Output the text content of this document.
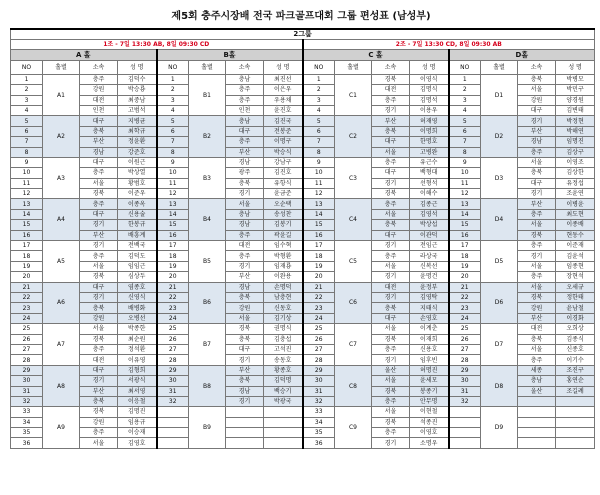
제5회 충주시장배 전국 파크골프대회 그룹 편성표 (남성부)
2그룹															
1조 - 7일 13:30 AB, 8일 09:30 CD								2조 - 7일 13:30 CD, 8일 09:30 AB							
A 홀				B홀				C 홀				D홀			
NO	홀별	소속	성 명	NO	홀별	소속	성 명	NO	홀별	소속	성 명	NO	홀별	소속	성 명
1	A1	충주	김덕수	1	B1	충남	최진선	1	C1	경북	이영식	1	D1	충북	박병모
2		강원	박승룡	2		충주	이은우	2		대전	김명식	2		서울	박민구
3		대전	최중남	3		충주	우용채	3		충주	김명석	3		강원	양경원
4		인천	고범석	4		인천	윤진호	4		경기	이용우	4		대구	김변태
5	A2	대구	지병균	5	B2	충남	김진국	5	C2	부산	허재영	5	D2	경기	박정현
6		충북	최학규	6		대구	전봉준	6		충북	이명희	6		부산	박해연
7		부산	정윤환	7		충주	이명구	7		대구	한명호	7		경남	임명진
8		경남	강준호	8		부산	박승식	8		서울	고병완	8		충주	김상구
9	A3	대구	이원근	9	B3	경남	강남구	9	C3	충주	유근수	9	D3	서울	이영조
10		충주	박상열	10		광주	김진호	10		대구	백형대	10		충북	김상한
11		서울	황범호	11		충북	유항식	11		경기	선형석	11		대구	유정섭
12		경북	이준우	12		경기	윤금준	12		경북	이해수	12		경기	조윤연
13	A4	충주	이종옥	13	B4	서울	오순택	13	C4	충주	김종근	13	D4	부산	이병윤
14		대구	신용술	14		충남	송성찬	14		서울	김영석	14		충주	최도현
15		경기	한봉규	15		경남	김봉기	15		충북	박상섭	15		서울	이종배
16		부산	배흥계	16		충주	곽윤길	16		대구	이관덕	16		경북	현동수
17	A5	경기	전백국	17	B5	대전	임수혁	17	C5	경기	전임근	17	D5	충주	이준재
18		충주	김덕도	18		충주	박형환	18		충주	라상국	18		경기	김윤석
19		서울	임임근	19		경기	임재룡	19		서울	신복선	19		서울	임종현
20		경북	심상두	20		부산	이완용	20		경기	윤명건	20		충주	장현석
21	A6	대구	염종호	21	B6	경남	손명덕	21	C6	대전	윤정부	21	D6	서울	오세규
22		경기	신영식	22		충북	남충현	22		경기	김영탁	22		경북	정한태
23		충북	배병화	23		강원	신동호	23		충북	지태식	23		강원	윤남철
24		강원	오병선	24		서울	김기상	24		대구	손영호	24		부산	이경화
25	A7	서울	박종한	25	B7	경북	권명식	25	C7	서울	이계춘	25	D7	대전	오희상
26		경북	최순원	26		충북	김충섭	26		경북	이재희	26		충북	김종식
27		충주	정석환	27		대구	고석진	27		충주	신용호	27		서울	신종호
28		대전	이유영	28		경기	송동호	28		경기	임후빈	28		충주	이기수
29	A8	대구	김형희	29	B8	부산	황종호	29	C8	울산	허명진	29	D8	세종	조진구
30		경기	서광식	30		충북	김덕명	30		서울	윤세모	30		충남	홍연순
31		부산	최서영	31		경남	백승기	31		경북	봉종기	31		울산	조길례
32		충북	이응철	32		경기	박광국	32		충주	안무명	32			
33	A9	경북	김명진		B9			33	C9	서울	이현철		D9		
34		강원	임용규					34		경북	석종진				
35		충주	이승재					35		충주	이영호				
36		서울	김영호					36		경기	소명우				
